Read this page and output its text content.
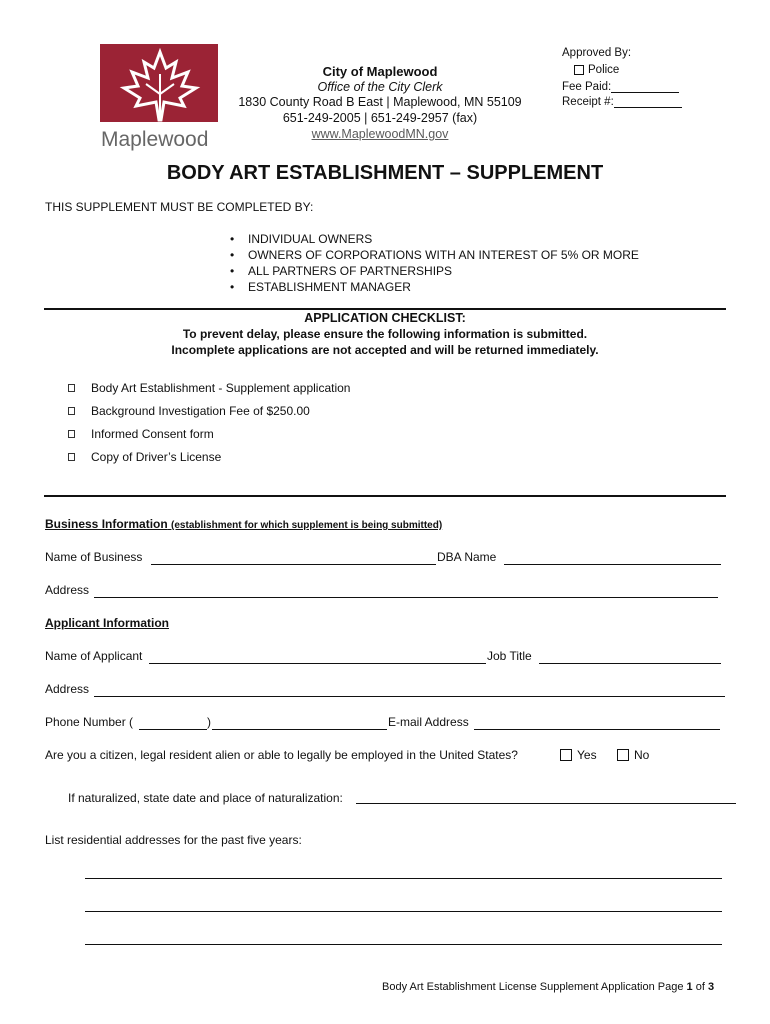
Maplewood
City of Maplewood
Office of the City Clerk
1830 County Road B East | Maplewood, MN 55109
651-249-2005 | 651-249-2957 (fax)
www.MaplewoodMN.gov
Approved By:
Police
Fee Paid:
Receipt #:
BODY ART ESTABLISHMENT – SUPPLEMENT
THIS SUPPLEMENT MUST BE COMPLETED BY:
•	INDIVIDUAL OWNERS
•	OWNERS OF CORPORATIONS WITH AN INTEREST OF 5% OR MORE
•	ALL PARTNERS OF PARTNERSHIPS
•	ESTABLISHMENT MANAGER
APPLICATION CHECKLIST:
To prevent delay, please ensure the following information is submitted.
Incomplete applications are not accepted and will be returned immediately.
Body Art Establishment - Supplement application
Background Investigation Fee of $250.00
Informed Consent form
Copy of Driver’s License
Business Information (establishment for which supplement is being submitted)
Name of Business	DBA Name
Address
Applicant Information
Name of Applicant	Job Title
Address
Phone Number (	)	E-mail Address
Are you a citizen, legal resident alien or able to legally be employed in the United States?	Yes	No
If naturalized, state date and place of naturalization:
List residential addresses for the past five years:
Body Art Establishment License Supplement Application Page 1 of 3
